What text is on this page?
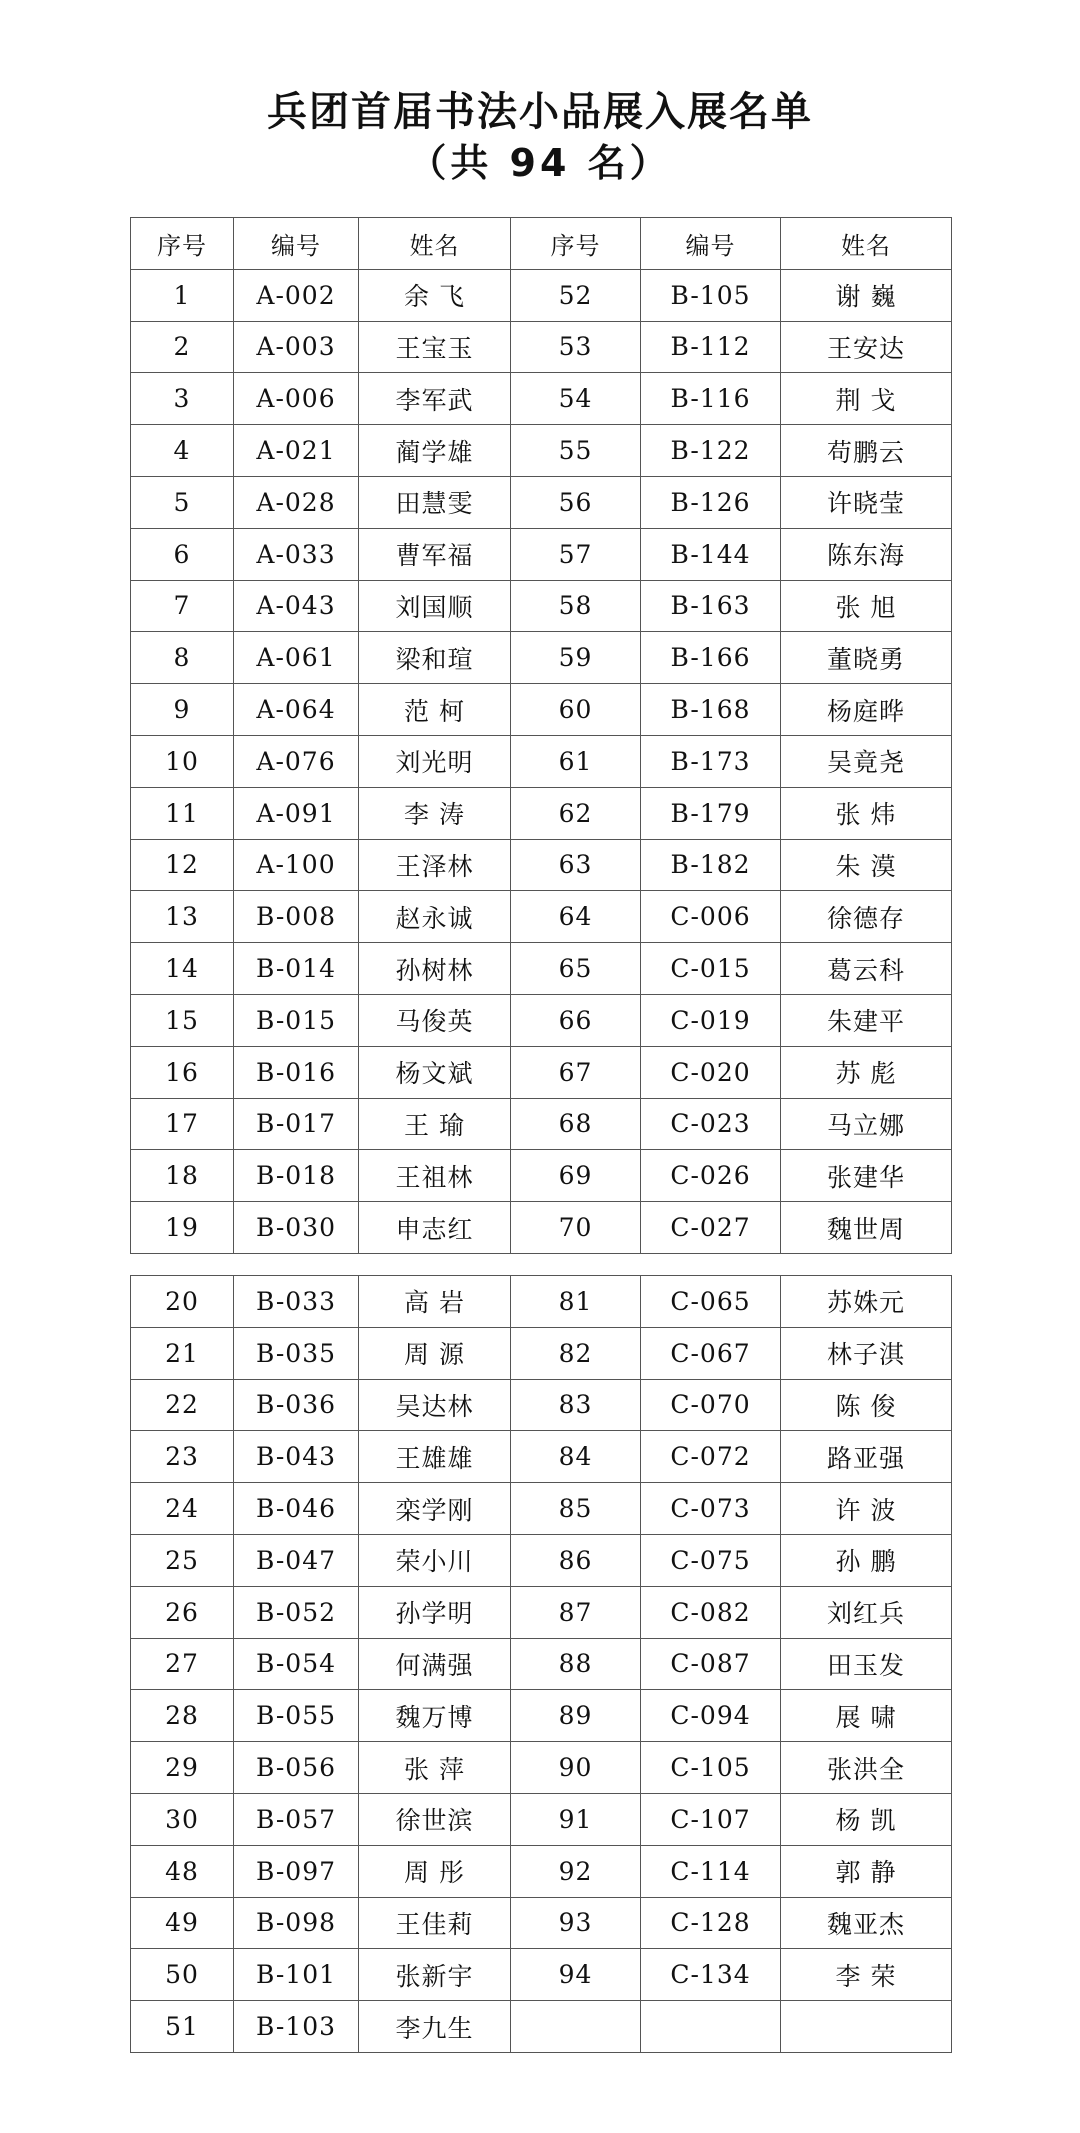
兵团首届书法小品展入展名单
（共 94 名）
序号	编号	姓名	序号	编号	姓名
1	A-002	余 飞	52	B-105	谢 巍
2	A-003	王宝玉	53	B-112	王安达
3	A-006	李军武	54	B-116	荆 戈
4	A-021	蔺学雄	55	B-122	苟鹏云
5	A-028	田慧雯	56	B-126	许晓莹
6	A-033	曹军福	57	B-144	陈东海
7	A-043	刘国顺	58	B-163	张 旭
8	A-061	梁和瑄	59	B-166	董晓勇
9	A-064	范 柯	60	B-168	杨庭晔
10	A-076	刘光明	61	B-173	吴竟尧
11	A-091	李 涛	62	B-179	张 炜
12	A-100	王泽林	63	B-182	朱 漠
13	B-008	赵永诚	64	C-006	徐德存
14	B-014	孙树林	65	C-015	葛云科
15	B-015	马俊英	66	C-019	朱建平
16	B-016	杨文斌	67	C-020	苏 彪
17	B-017	王 瑜	68	C-023	马立娜
18	B-018	王祖林	69	C-026	张建华
19	B-030	申志红	70	C-027	魏世周
20	B-033	高 岩	81	C-065	苏姝元
21	B-035	周 源	82	C-067	林子淇
22	B-036	吴达林	83	C-070	陈 俊
23	B-043	王雄雄	84	C-072	路亚强
24	B-046	栾学刚	85	C-073	许 波
25	B-047	荣小川	86	C-075	孙 鹏
26	B-052	孙学明	87	C-082	刘红兵
27	B-054	何满强	88	C-087	田玉发
28	B-055	魏万博	89	C-094	展 啸
29	B-056	张 萍	90	C-105	张洪全
30	B-057	徐世滨	91	C-107	杨 凯
48	B-097	周 彤	92	C-114	郭 静
49	B-098	王佳莉	93	C-128	魏亚杰
50	B-101	张新宇	94	C-134	李 荣
51	B-103	李九生			
